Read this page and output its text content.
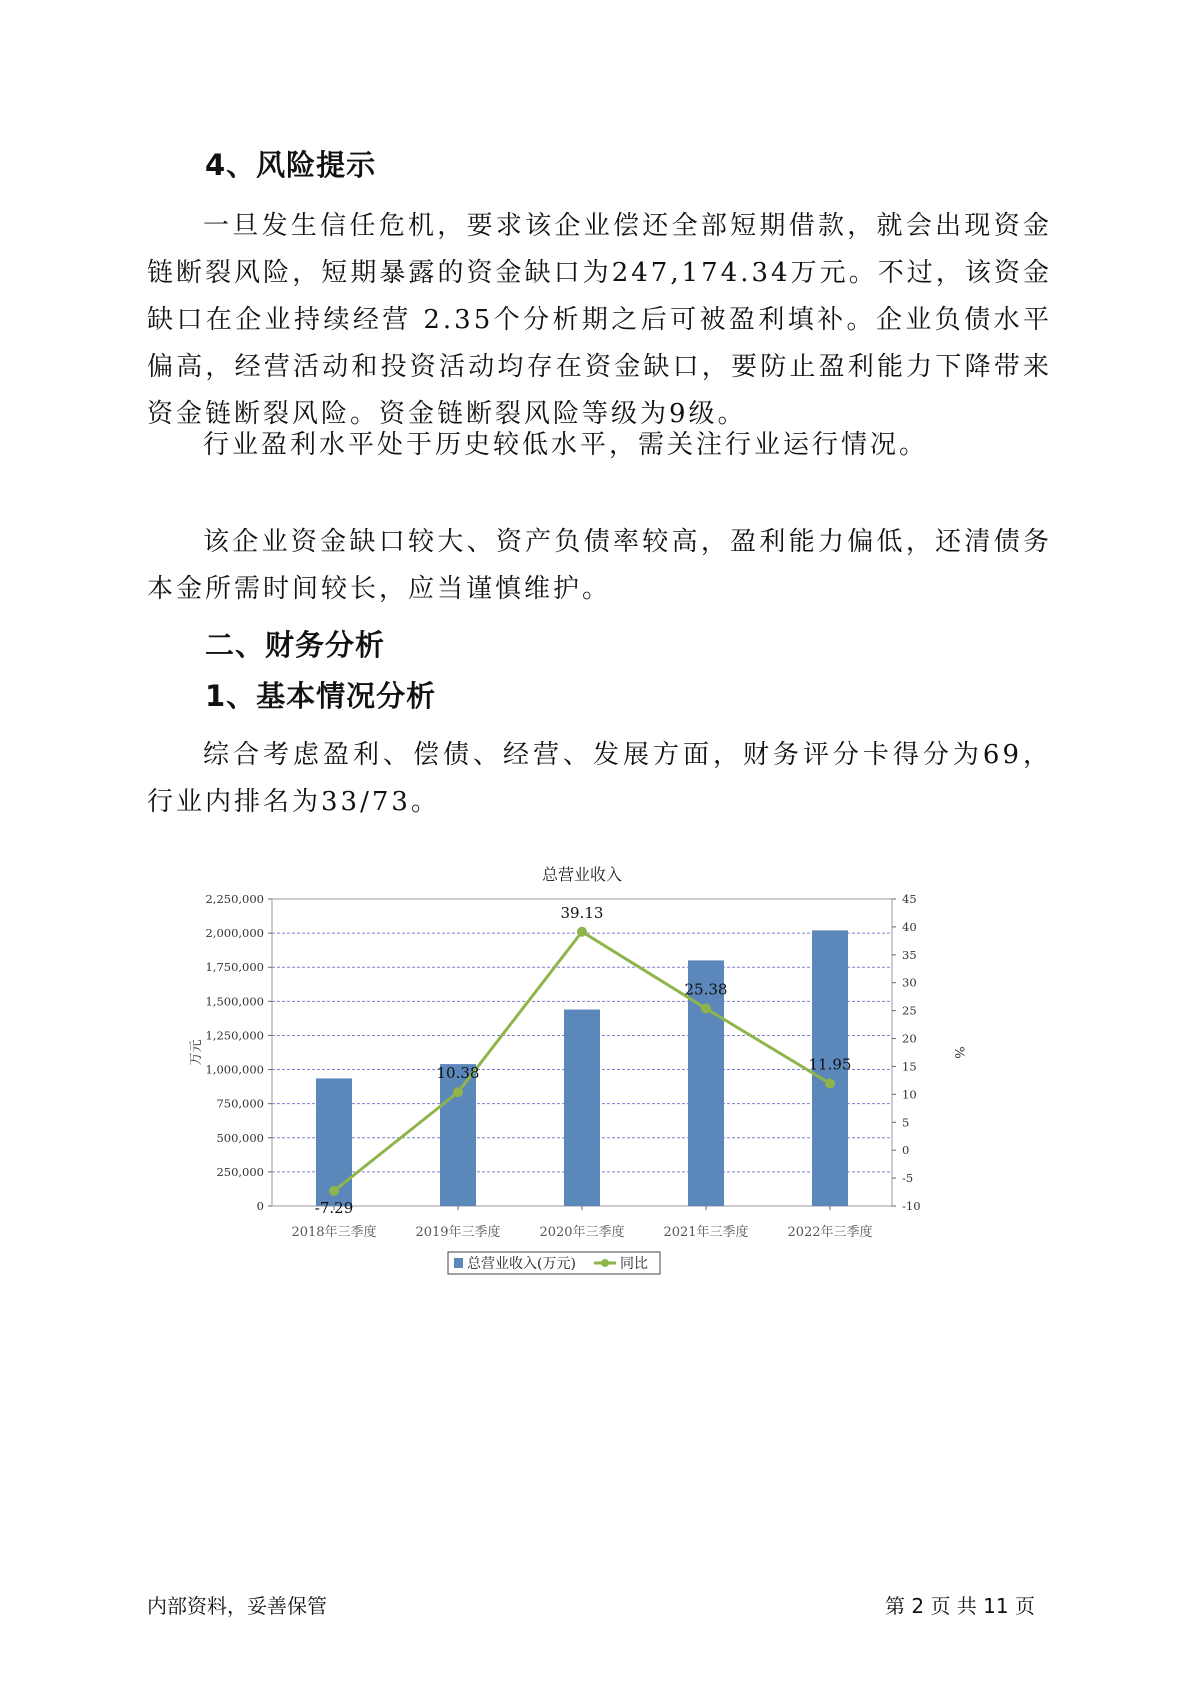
4、风险提示

一旦发生信任危机，要求该企业偿还全部短期借款，就会出现资金链断裂风险，短期暴露的资金缺口为247,174.34万元。不过，该资金缺口在企业持续经营 2.35个分析期之后可被盈利填补。企业负债水平偏高，经营活动和投资活动均存在资金缺口，要防止盈利能力下降带来资金链断裂风险。资金链断裂风险等级为9级。

行业盈利水平处于历史较低水平，需关注行业运行情况。

该企业资金缺口较大、资产负债率较高，盈利能力偏低，还清债务本金所需时间较长，应当谨慎维护。

二、财务分析
1、基本情况分析

综合考虑盈利、偿债、经营、发展方面，财务评分卡得分为69，行业内排名为33/73。

总营业收入
2,250,000
2,000,000
1,750,000
1,500,000
1,250,000
1,000,000
750,000
500,000
250,000
0
45
40
35
30
25
20
15
10
5
0
-5
-10
万元	%
2018年三季度	2019年三季度	2020年三季度	2021年三季度	2022年三季度
-7.29
10.38
39.13
25.38
11.95
总营业收入(万元)	同比
内部资料，妥善保管	第 2 页 共 11 页
